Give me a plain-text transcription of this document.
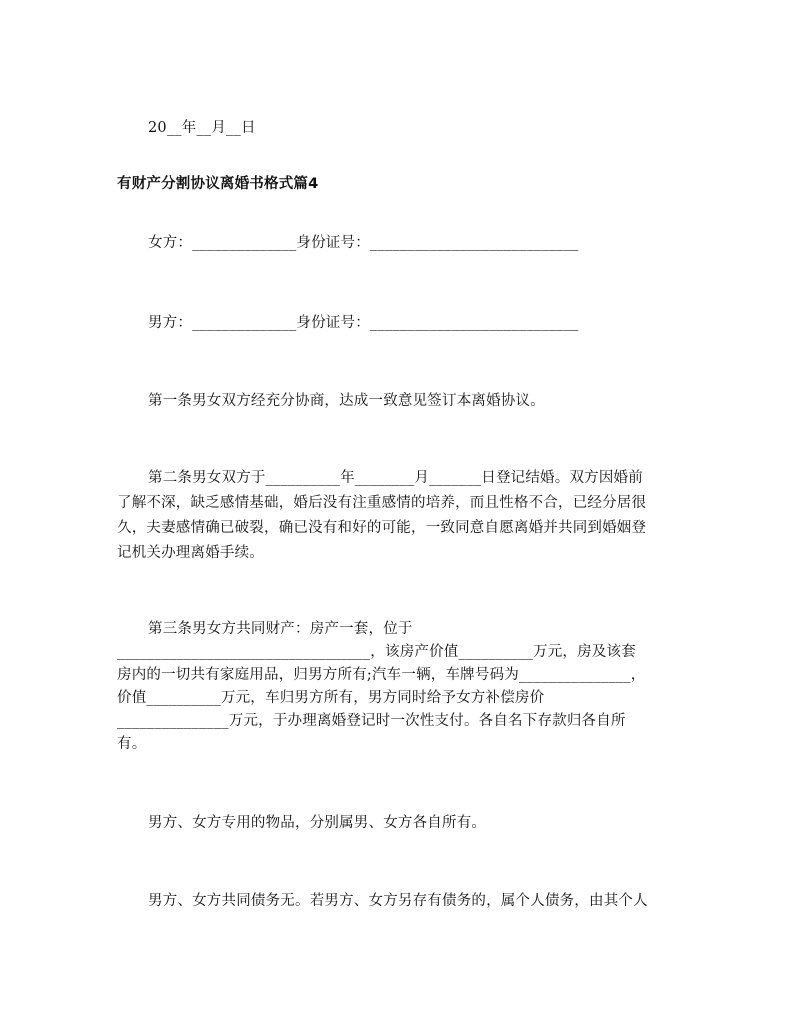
20__年__月__日
有财产分割协议离婚书格式篇4
女方：______________身份证号：____________________________
男方：______________身份证号：____________________________
第一条男女双方经充分协商，达成一致意见签订本离婚协议。
第二条男女双方于__________年________月_______日登记结婚。双方因婚前
了解不深，缺乏感情基础，婚后没有注重感情的培养，而且性格不合，已经分居很
久，夫妻感情确已破裂，确已没有和好的可能，一致同意自愿离婚并共同到婚姻登
记机关办理离婚手续。
第三条男女方共同财产：房产一套，位于
__________________________________，该房产价值__________万元，房及该套
房内的一切共有家庭用品，归男方所有;汽车一辆，车牌号码为_______________，
价值__________万元，车归男方所有，男方同时给予女方补偿房价
_______________万元，于办理离婚登记时一次性支付。各自名下存款归各自所
有。
男方、女方专用的物品，分别属男、女方各自所有。
男方、女方共同债务无。若男方、女方另存有债务的，属个人债务，由其个人
